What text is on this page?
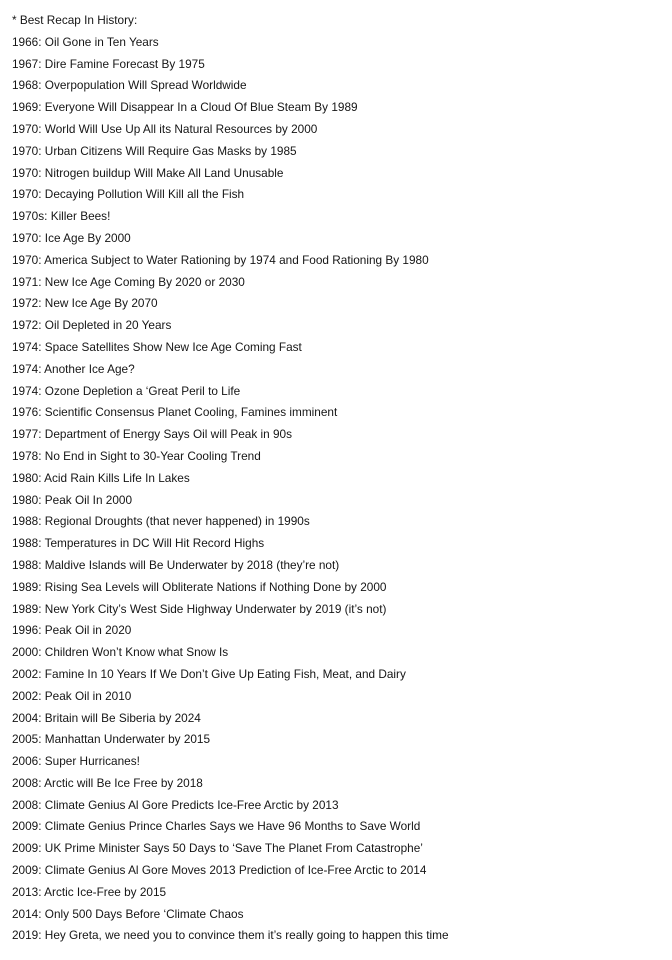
* Best Recap In History:
1966: Oil Gone in Ten Years
1967: Dire Famine Forecast By 1975
1968: Overpopulation Will Spread Worldwide
1969: Everyone Will Disappear In a Cloud Of Blue Steam By 1989
1970: World Will Use Up All its Natural Resources by 2000
1970: Urban Citizens Will Require Gas Masks by 1985
1970: Nitrogen buildup Will Make All Land Unusable
1970: Decaying Pollution Will Kill all the Fish
1970s: Killer Bees!
1970: Ice Age By 2000
1970: America Subject to Water Rationing by 1974 and Food Rationing By 1980
1971: New Ice Age Coming By 2020 or 2030
1972: New Ice Age By 2070
1972: Oil Depleted in 20 Years
1974: Space Satellites Show New Ice Age Coming Fast
1974: Another Ice Age?
1974: Ozone Depletion a ‘Great Peril to Life
1976: Scientific Consensus Planet Cooling, Famines imminent
1977: Department of Energy Says Oil will Peak in 90s
1978: No End in Sight to 30-Year Cooling Trend
1980: Acid Rain Kills Life In Lakes
1980: Peak Oil In 2000
1988: Regional Droughts (that never happened) in 1990s
1988: Temperatures in DC Will Hit Record Highs
1988: Maldive Islands will Be Underwater by 2018 (they’re not)
1989: Rising Sea Levels will Obliterate Nations if Nothing Done by 2000
1989: New York City’s West Side Highway Underwater by 2019 (it’s not)
1996: Peak Oil in 2020
2000: Children Won’t Know what Snow Is
2002: Famine In 10 Years If We Don’t Give Up Eating Fish, Meat, and Dairy
2002: Peak Oil in 2010
2004: Britain will Be Siberia by 2024
2005: Manhattan Underwater by 2015
2006: Super Hurricanes!
2008: Arctic will Be Ice Free by 2018
2008: Climate Genius Al Gore Predicts Ice-Free Arctic by 2013
2009: Climate Genius Prince Charles Says we Have 96 Months to Save World
2009: UK Prime Minister Says 50 Days to ‘Save The Planet From Catastrophe’
2009: Climate Genius Al Gore Moves 2013 Prediction of Ice-Free Arctic to 2014
2013: Arctic Ice-Free by 2015
2014: Only 500 Days Before ‘Climate Chaos
2019: Hey Greta, we need you to convince them it’s really going to happen this time
